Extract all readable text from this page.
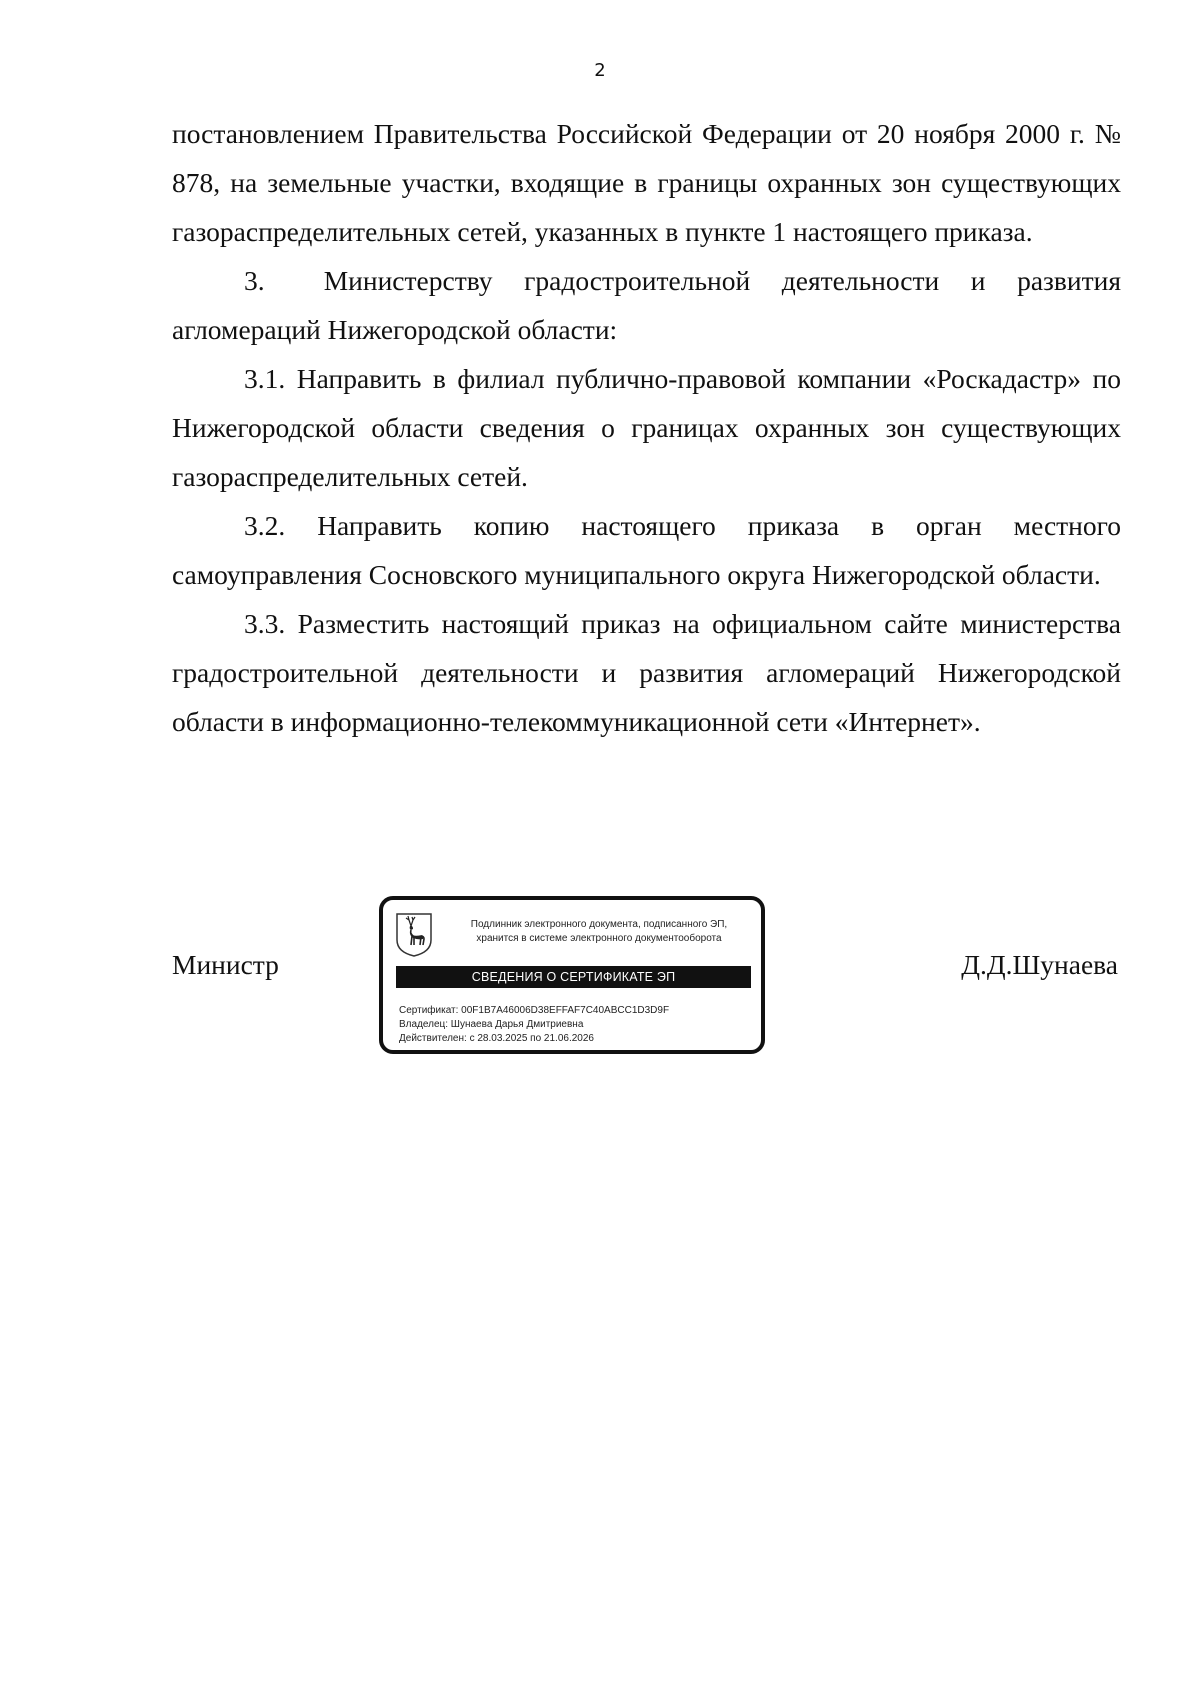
2

постановлением Правительства Российской Федерации от 20 ноября 2000 г. № 878, на земельные участки, входящие в границы охранных зон существующих газораспределительных сетей, указанных в пункте 1 настоящего приказа.

3.  Министерству градостроительной деятельности и развития агломераций Нижегородской области:

3.1. Направить в филиал публично-правовой компании «Роскадастр» по Нижегородской области сведения о границах охранных зон существующих газораспределительных сетей.

3.2. Направить копию настоящего приказа в орган местного самоуправления Сосновского муниципального округа Нижегородской области.

3.3. Разместить настоящий приказ на официальном сайте министерства градостроительной деятельности и развития агломераций Нижегородской области в информационно-телекоммуникационной сети «Интернет».

Министр	Д.Д.Шунаева
Подлинник электронного документа, подписанного ЭП,
хранится в системе электронного документооборота
СВЕДЕНИЯ О СЕРТИФИКАТЕ ЭП
Сертификат: 00F1B7A46006D38EFFAF7C40ABCC1D3D9F
Владелец: Шунаева Дарья Дмитриевна
Действителен: с 28.03.2025 по 21.06.2026
